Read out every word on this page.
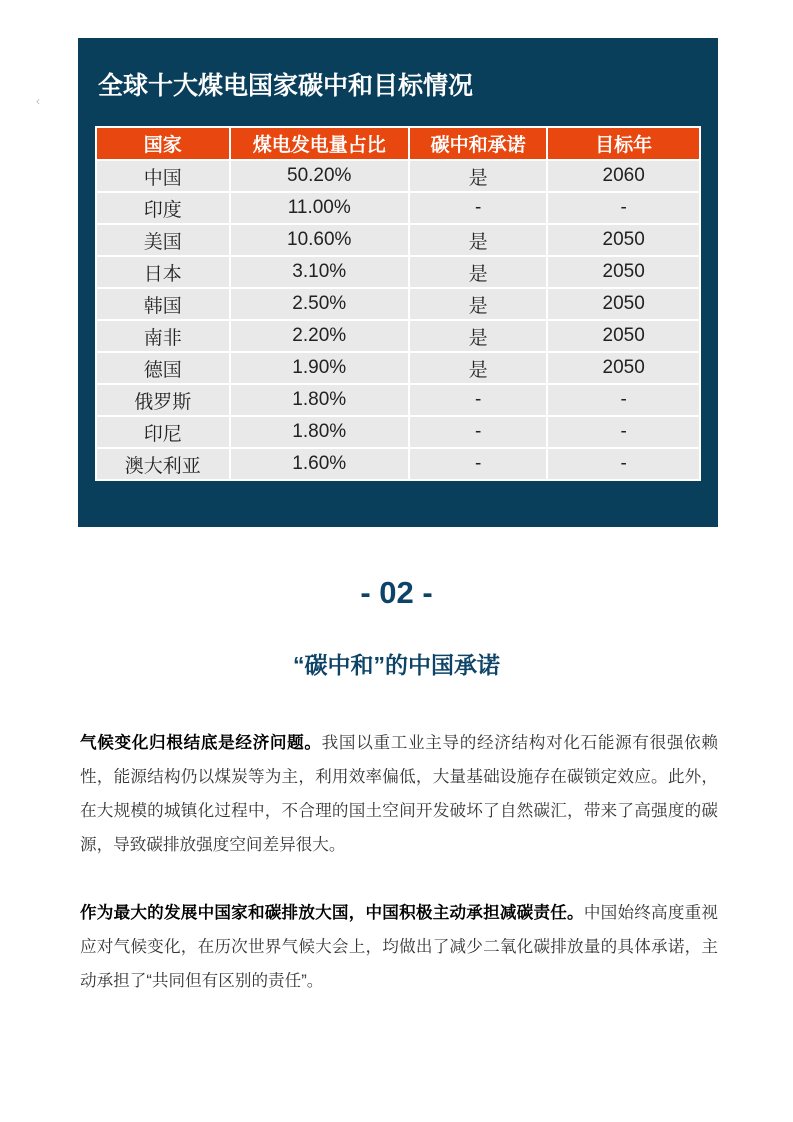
‹
全球十大煤电国家碳中和目标情况
国家	煤电发电量占比	碳中和承诺	目标年
中国	50.20%	是	2060
印度	11.00%	-	-
美国	10.60%	是	2050
日本	3.10%	是	2050
韩国	2.50%	是	2050
南非	2.20%	是	2050
德国	1.90%	是	2050
俄罗斯	1.80%	-	-
印尼	1.80%	-	-
澳大利亚	1.60%	-	-
- 02 -
“碳中和”的中国承诺

气候变化归根结底是经济问题。我国以重工业主导的经济结构对化石能源有很强依赖性，能源结构仍以煤炭等为主，利用效率偏低，大量基础设施存在碳锁定效应。此外，在大规模的城镇化过程中，不合理的国土空间开发破坏了自然碳汇，带来了高强度的碳源，导致碳排放强度空间差异很大。

作为最大的发展中国家和碳排放大国，中国积极主动承担减碳责任。中国始终高度重视应对气候变化，在历次世界气候大会上，均做出了减少二氧化碳排放量的具体承诺，主动承担了“共同但有区别的责任”。
